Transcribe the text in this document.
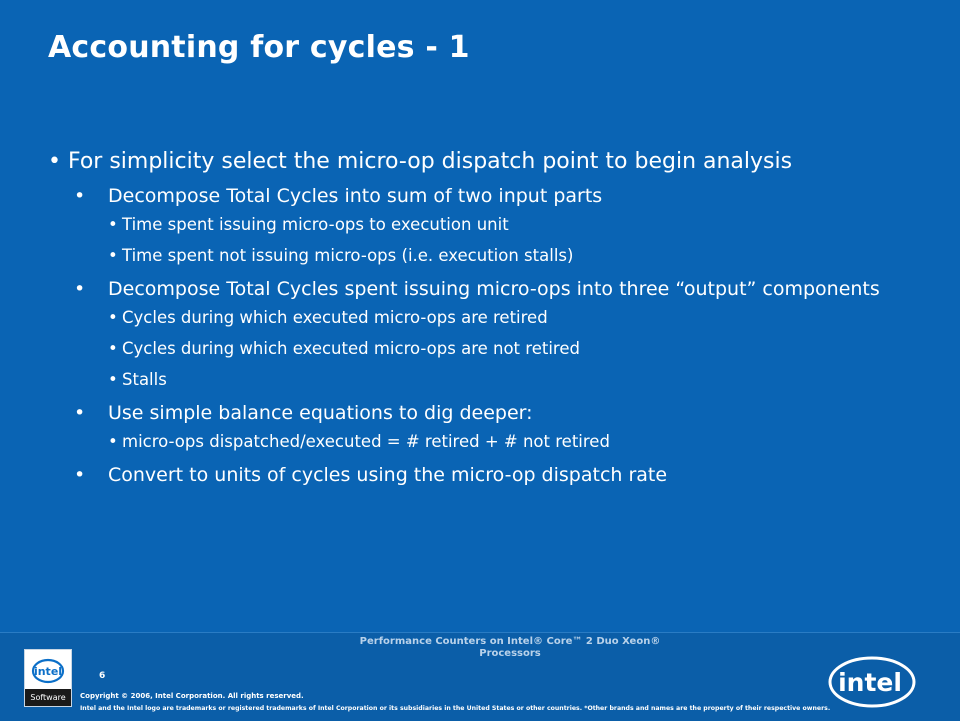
Accounting for cycles - 1

• For simplicity select the micro-op dispatch point to begin analysis

• Decompose Total Cycles into sum of two input parts
• Time spent issuing micro-ops to execution unit
• Time spent not issuing micro-ops (i.e. execution stalls)
• Decompose Total Cycles spent issuing micro-ops into three “output” components
• Cycles during which executed micro-ops are retired
• Cycles during which executed micro-ops are not retired
• Stalls
• Use simple balance equations to dig deeper:
• micro-ops dispatched/executed = # retired + # not retired
• Convert to units of cycles using the micro-op dispatch rate
Performance Counters on Intel® Core™ 2 Duo Xeon® Processors
intel
Software
6
Copyright © 2006, Intel Corporation. All rights reserved.
Intel and the Intel logo are trademarks or registered trademarks of Intel Corporation or its subsidiaries in the United States or other countries. *Other brands and names are the property of their respective owners.
intel
